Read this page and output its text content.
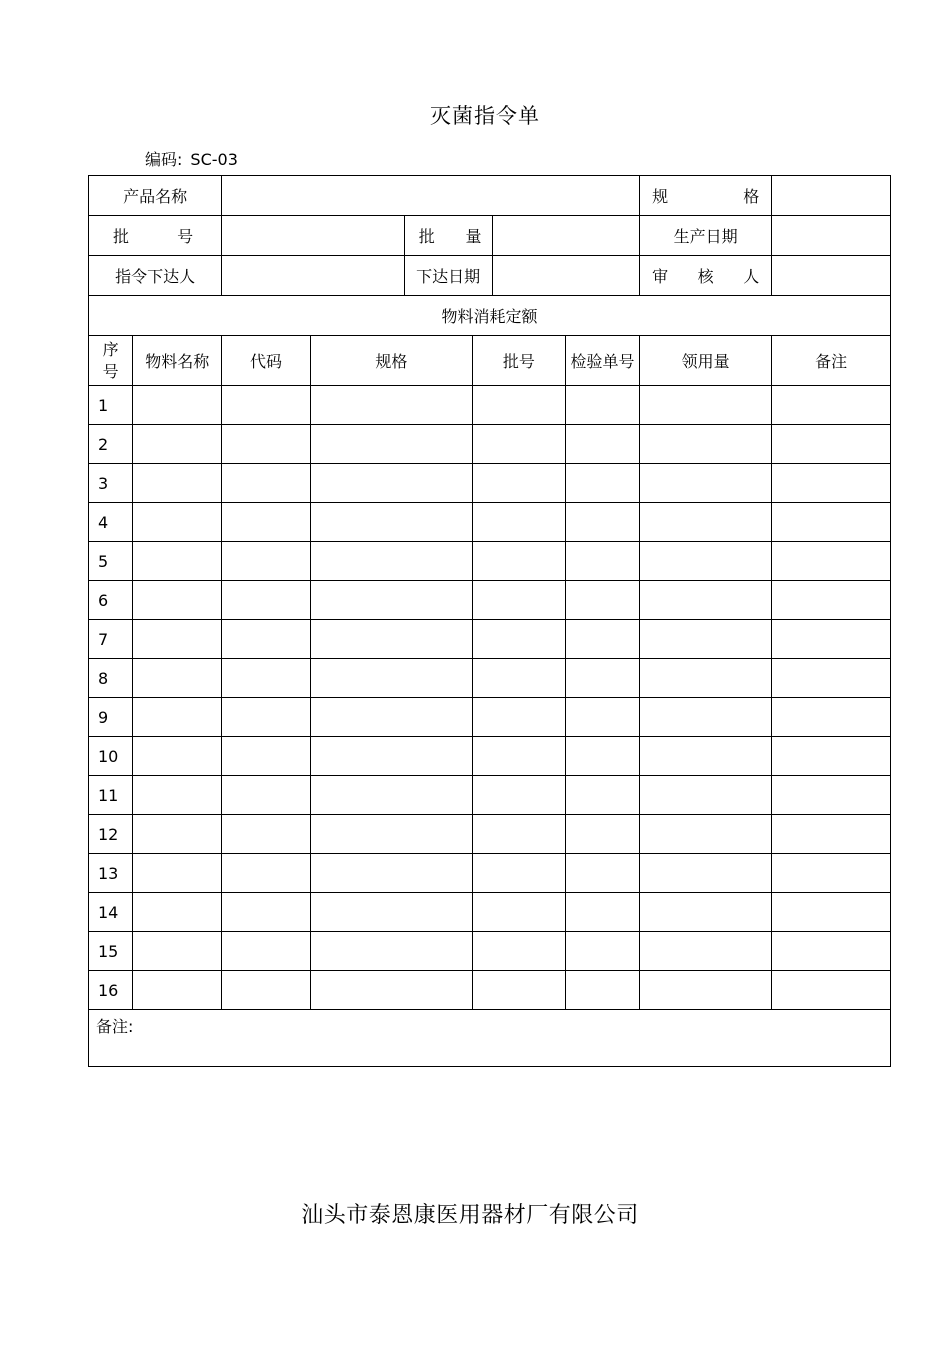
灭菌指令单
编码: SC-03
产品名称								规 格	

批 号				批 量				生产日期	
指令下达人				下达日期				审 核 人	

物料消耗定额									
序
号	物料名称	代码	规格		批号		检验单号	领用量	备注
1									
2									
3									
4									
5									
6									
7									
8									
9									
10									
11									
12									
13									
14									
15									
16									
备注:									
汕头市泰恩康医用器材厂有限公司
